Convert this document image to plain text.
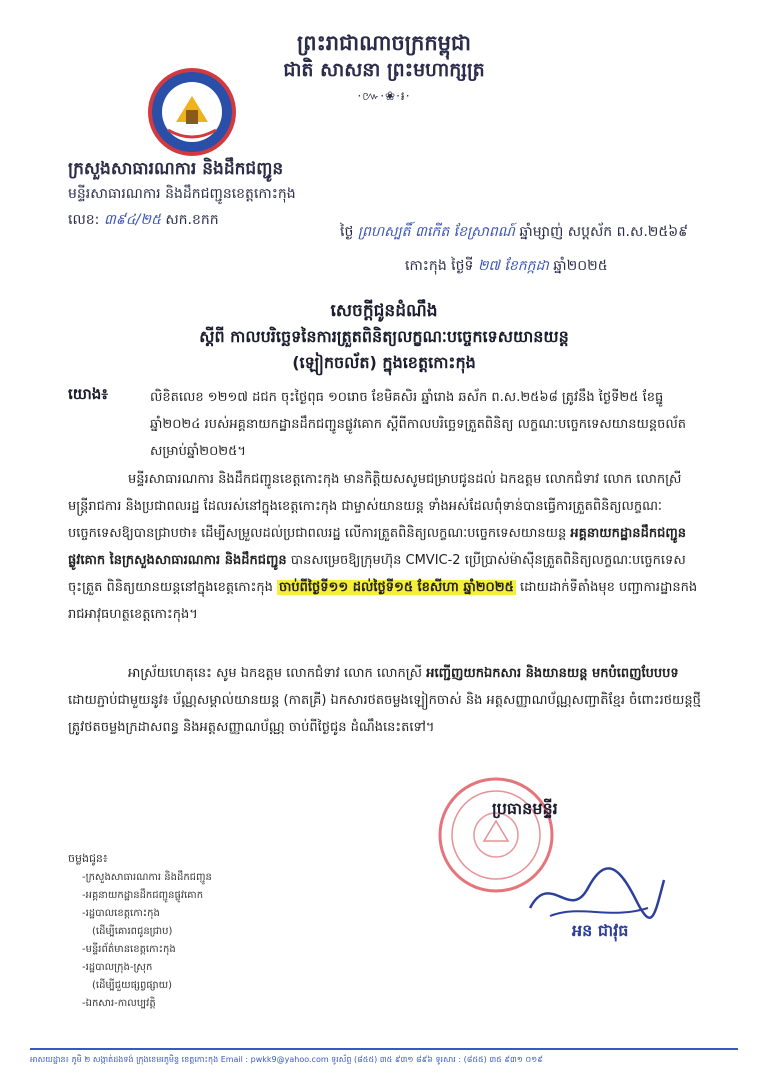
ព្រះរាជាណាចក្រកម្ពុជា
ជាតិ សាសនា ព្រះមហាក្សត្រ
·៚·❀·៛·
ក្រសួងសាធារណការ និងដឹកជញ្ជូន
មន្ទីរសាធារណការ និងដឹកជញ្ជូនខេត្តកោះកុង
លេខ: ៣៩៤/២៥ សក.ខកក
ថ្ងៃ ព្រហស្បតិ៍ ៣កើត ខែស្រាពណ៍ ឆ្នាំម្សាញ់ សប្តស័ក ព.ស.២៥៦៩
កោះកុង ថ្ងៃទី ២៧ ខែកក្កដា ឆ្នាំ២០២៥
សេចក្តីជូនដំណឹង
ស្តីពី កាលបរិច្ឆេទនៃការត្រួតពិនិត្យលក្ខណៈបច្ចេកទេសយានយន្ត
(ឡៀកចល័ត) ក្នុងខេត្តកោះកុង
យោង៖	លិខិតលេខ ១២១៧ ដជក ចុះថ្ងៃពុធ ១០រោច ខែមិគសិរ ឆ្នាំរោង ឆស័ក ព.ស.២៥៦៨ ត្រូវនឹង ថ្ងៃទី២៥ ខែធ្នូ ឆ្នាំ២០២៤ របស់អគ្គនាយកដ្ឋានដឹកជញ្ជូនផ្លូវគោក ស្តីពីកាលបរិច្ឆេទត្រួតពិនិត្យ លក្ខណៈបច្ចេកទេសយានយន្តចល័ត សម្រាប់ឆ្នាំ២០២៥។
មន្ទីរសាធារណការ និងដឹកជញ្ជូនខេត្តកោះកុង មានកិត្តិយសសូមជម្រាបជូនដល់ ឯកឧត្តម លោកជំទាវ លោក លោកស្រី មន្ត្រីរាជការ និងប្រជាពលរដ្ឋ ដែលរស់នៅក្នុងខេត្តកោះកុង ជាម្ចាស់យានយន្ត ទាំងអស់ដែលពុំទាន់បានធ្វើការត្រួតពិនិត្យលក្ខណៈបច្ចេកទេសឱ្យបានជ្រាបថា៖ ដើម្បីសម្រួលដល់ប្រជាពលរដ្ឋ លើការត្រួតពិនិត្យលក្ខណៈបច្ចេកទេសយានយន្ត អគ្គនាយកដ្ឋានដឹកជញ្ជូនផ្លូវគោក នៃក្រសួងសាធារណការ និងដឹកជញ្ជូន បានសម្រេចឱ្យក្រុមហ៊ុន CMVIC-2 ប្រើប្រាស់ម៉ាស៊ីនត្រួតពិនិត្យលក្ខណៈបច្ចេកទេស ចុះត្រួត ពិនិត្យយានយន្តនៅក្នុងខេត្តកោះកុង ចាប់ពីថ្ងៃទី១១ ដល់ថ្ងៃទី១៥ ខែសីហា ឆ្នាំ២០២៥ ដោយដាក់ទីតាំងមុខ បញ្ជាការដ្ឋានកងរាជអាវុធហត្ថខេត្តកោះកុង។
អាស្រ័យហេតុនេះ សូម ឯកឧត្តម លោកជំទាវ លោក លោកស្រី អញ្ជើញយកឯកសារ និងយានយន្ត មកបំពេញបែបបទ ដោយភ្ជាប់ជាមួយនូវ៖ ប័ណ្ណសម្គាល់យានយន្ត (កាតគ្រី) ឯកសារថតចម្លងឡៀកចាស់ និង អត្តសញ្ញាណប័ណ្ណសញ្ជាតិខ្មែរ ចំពោះរថយន្តថ្មីត្រូវថតចម្លងក្រដាសពន្ធ និងអត្តសញ្ញាណប័ណ្ណ ចាប់ពីថ្ងៃជូន ដំណឹងនេះតទៅ។
ប្រធានមន្ទីរ
អន ជាវុធ
ចម្លងជូន៖
-ក្រសួងសាធារណការ និងដឹកជញ្ជូន
-អគ្គនាយកដ្ឋានដឹកជញ្ជូនផ្លូវគោក
-រដ្ឋបាលខេត្តកោះកុង
(ដើម្បីគោរពជូនជ្រាប)
-មន្ទីរព័ត៌មានខេត្តកោះកុង
-រដ្ឋបាលក្រុង-ស្រុក
(ដើម្បីជួយផ្សព្វផ្សាយ)
-ឯកសារ-កាលប្បវត្តិ
អាសយដ្ឋាន៖ ភូមិ ២ សង្កាត់ដងទង់ ក្រុងខេមរភូមិន្ទ ខេត្តកោះកុង Email : pwkk9@yahoo.com ទូរស័ព្ទ (៨៥៥) ៣៥ ៩៣១ ៨៩៦ ទូរសារ : (៨៥៥) ៣៥ ៩៣១ ០១៩
